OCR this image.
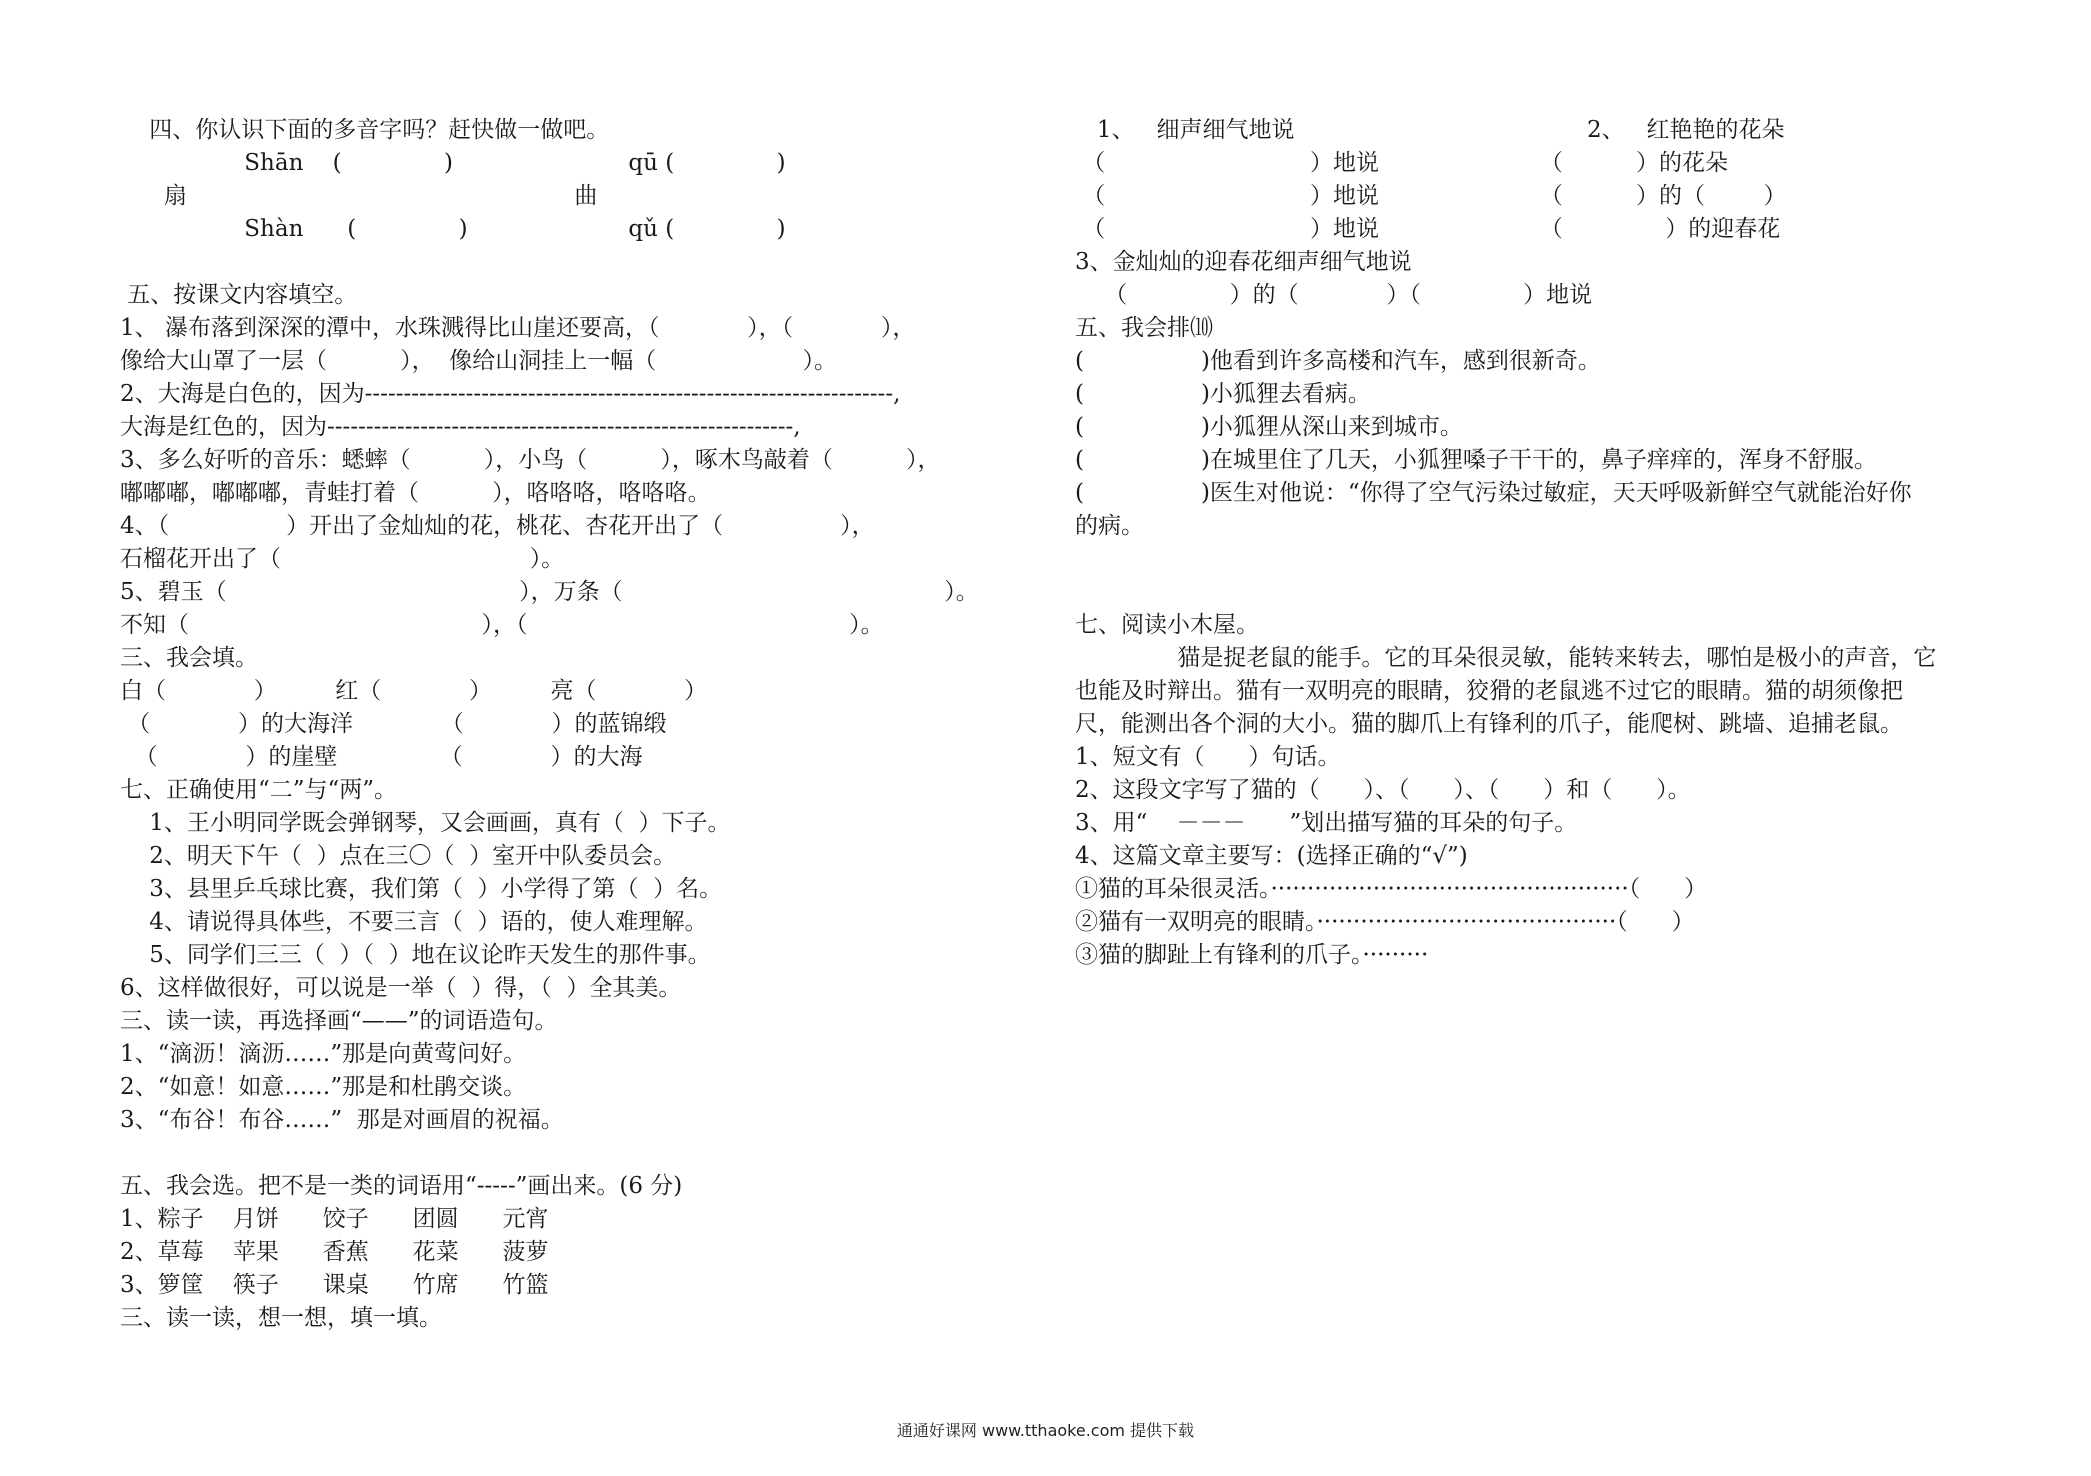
四、你认识下面的多音字吗？赶快做一做吧。
Shān    (              )                        qū (              )
扇                                                     曲
Shàn      (              )                      qǔ (              )
五、按课文内容填空。
1、 瀑布落到深深的潭中，水珠溅得比山崖还要高，（            ），（            ），
像给大山罩了一层（          ），  像给山洞挂上一幅（                    ）。
2、大海是白色的，因为--------------------------------------------------------------------,
大海是红色的，因为------------------------------------------------------------,
3、多么好听的音乐：蟋蟀（          ），小鸟（          ），啄木鸟敲着（          ），
嘟嘟嘟，嘟嘟嘟，青蛙打着（          ），咯咯咯，咯咯咯。
4、（                ）开出了金灿灿的花，桃花、杏花开出了（                ），
石榴花开出了（                                  ）。
5、碧玉（                                        ），万条（                                            ）。
不知（                                        ），（                                            ）。
三、我会填。
白（            ）        红（            ）        亮（            ）
（            ）的大海洋            （            ）的蓝锦缎
（            ）的崖壁              （            ）的大海
七、正确使用“二”与“两”。
1、王小明同学既会弹钢琴，又会画画，真有（  ）下子。
2、明天下午（  ）点在三〇（  ）室开中队委员会。
3、县里乒乓球比赛，我们第（  ）小学得了第（  ）名。
4、请说得具体些，不要三言（  ）语的，使人难理解。
5、同学们三三（  ）（  ）地在议论昨天发生的那件事。
6、这样做很好，可以说是一举（  ）得，（  ）全其美。
三、读一读，再选择画“——”的词语造句。
1、“滴沥！滴沥……”那是向黄莺问好。
2、“如意！如意……”那是和杜鹃交谈。
3、“布谷！布谷……”  那是对画眉的祝福。
五、我会选。把不是一类的词语用“-----”画出来。(6 分)
1、粽子    月饼      饺子      团圆      元宵
2、草莓    苹果      香蕉      花菜      菠萝
3、箩筐    筷子      课桌      竹席      竹篮
三、读一读，想一想，填一填。
1、   细声细气地说                                        2、   红艳艳的花朵
（                            ）地说                      （          ）的花朵
（                            ）地说                      （          ）的（        ）
（                            ）地说                      （              ）的迎春花
3、金灿灿的迎春花细声细气地说
（              ）的（            ）（              ）地说
五、我会排⑽
(                )他看到许多高楼和汽车，感到很新奇。
(                )小狐狸去看病。
(                )小狐狸从深山来到城市。
(                )在城里住了几天，小狐狸嗓子干干的，鼻子痒痒的，浑身不舒服。
(                )医生对他说：“你得了空气污染过敏症，天天呼吸新鲜空气就能治好你
的病。
七、阅读小木屋。
猫是捉老鼠的能手。它的耳朵很灵敏，能转来转去，哪怕是极小的声音，它
也能及时辩出。猫有一双明亮的眼睛，狡猾的老鼠逃不过它的眼睛。猫的胡须像把
尺，能测出各个洞的大小。猫的脚爪上有锋利的爪子，能爬树、跳墙、追捕老鼠。
1、短文有（      ）句话。
2、这段文字写了猫的（      ）、（      ）、（      ）和（      ）。
3、用“    －－－      ”划出描写猫的耳朵的句子。
4、这篇文章主要写：(选择正确的“√”)
①猫的耳朵很灵活。·················································（      ）
②猫有一双明亮的眼睛。·········································（      ）
③猫的脚趾上有锋利的爪子。·········
通通好课网 www.tthaoke.com 提供下载
